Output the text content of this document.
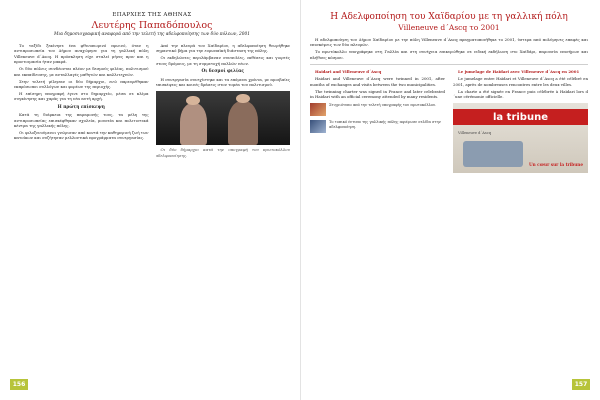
ΕΠΑΡΧΙΕΣ ΤΗΣ ΑΘΗΝΑΣ

Λευτέρης Παπαδόπουλος

Μια δημοσιογραφική αναφορά από την τελετή της αδελφοποίησης των δύο πόλεων, 2001

Το ταξίδι ξεκίνησε ένα φθινοπωρινό πρωινό, όταν η αντιπροσωπεία του Δήμου αναχώρησε για τη γαλλική πόλη Villeneuve d´Ascq. Η πρόσκληση είχε σταλεί μήνες πριν και η προετοιμασία ήταν μακρά.

Οι δύο πόλεις συνδέονται πλέον με δεσμούς φιλίας, πολιτισμού και εκπαίδευσης, με ανταλλαγές μαθητών και καλλιτεχνών.

Στην τελετή μίλησαν οι δύο δήμαρχοι, ενώ παρευρέθηκαν εκπρόσωποι συλλόγων και φορέων της περιοχής.

Η επίσημη υπογραφή έγινε στο δημαρχείο, μέσα σε κλίμα συγκίνησης και χαράς για τη νέα αυτή αρχή.

Η πρώτη επίσκεψη

Κατά τη διάρκεια της παραμονής τους, τα μέλη της αντιπροσωπείας επισκέφθηκαν σχολεία, μουσεία και πολιτιστικά κέντρα της γαλλικής πόλης.

Οι φιλοξενούμενοι γνώρισαν από κοντά την καθημερινή ζωή των κατοίκων και συζήτησαν μελλοντικά προγράμματα συνεργασίας.

Από την πλευρά του Χαϊδαρίου, η αδελφοποίηση θεωρήθηκε σημαντικό βήμα για την ευρωπαϊκή διάσταση της πόλης.

Οι εκδηλώσεις περιλάμβαναν συναυλίες, εκθέσεις και γιορτές στους δρόμους, με τη συμμετοχή πολλών νέων.

Οι δεσμοί φιλίας

Η συνεργασία συνεχίστηκε και τα επόμενα χρόνια, με αμοιβαίες επισκέψεις και κοινές δράσεις στον τομέα του πολιτισμού.

Οι δύο δήμαρχοι κατά την υπογραφή του πρωτοκόλλου αδελφοποίησης.

156
Η Αδελφοποίηση του Χαϊδαρίου με τη γαλλική πόλη
Villeneuve d´Ascq το 2001

Η αδελφοποίηση του Δήμου Χαϊδαρίου με την πόλη Villeneuve d´Ascq πραγματοποιήθηκε το 2001, ύστερα από πολύμηνες επαφές και επισκέψεις των δύο πλευρών.

Το πρωτόκολλο υπογράφηκε στη Γαλλία και στη συνέχεια επικυρώθηκε σε ειδική εκδήλωση στο Χαϊδάρι, παρουσία επισήμων και πλήθους κόσμου.

Haidari and Villeneuve d´Ascq

Haidari and Villeneuve d´Ascq were twinned in 2001, after months of exchanges and visits between the two municipalities.

The twinning charter was signed in France and later celebrated in Haidari with an official ceremony attended by many residents.

Στιγμιότυπο από την τελετή υπογραφής του πρωτοκόλλου.

Το τοπικό έντυπο της γαλλικής πόλης αφιέρωσε σελίδα στην αδελφοποίηση.

Le jumelage de Haïdari avec Villeneuve d´Ascq en 2001

Le jumelage entre Haïdari et Villeneuve d´Ascq a été célébré en 2001, après de nombreuses rencontres entre les deux villes.

La charte a été signée en France puis célébrée à Haïdari lors d´une cérémonie officielle.

la tribune
Villeneuve d´Ascq
Un cœur sur la tribune
157
